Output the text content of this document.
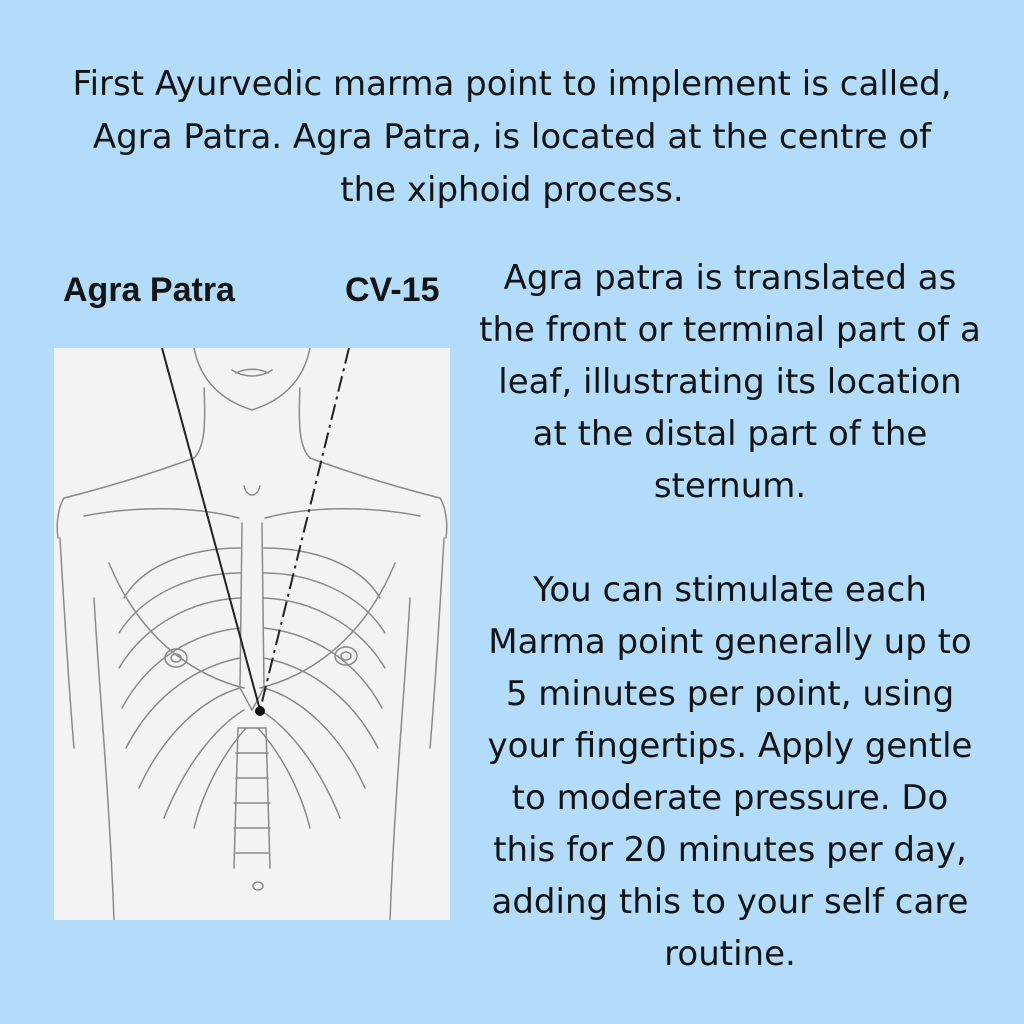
First Ayurvedic marma point to implement is called, Agra Patra. Agra Patra, is located at the centre of the xiphoid process.
Agra Patra	CV-15	Agra patra is translated as the front or terminal part of a leaf, illustrating its location at the distal part of the sternum.

You can stimulate each Marma point generally up to 5 minutes per point, using your fingertips. Apply gentle to moderate pressure. Do this for 20 minutes per day, adding this to your self care routine.
